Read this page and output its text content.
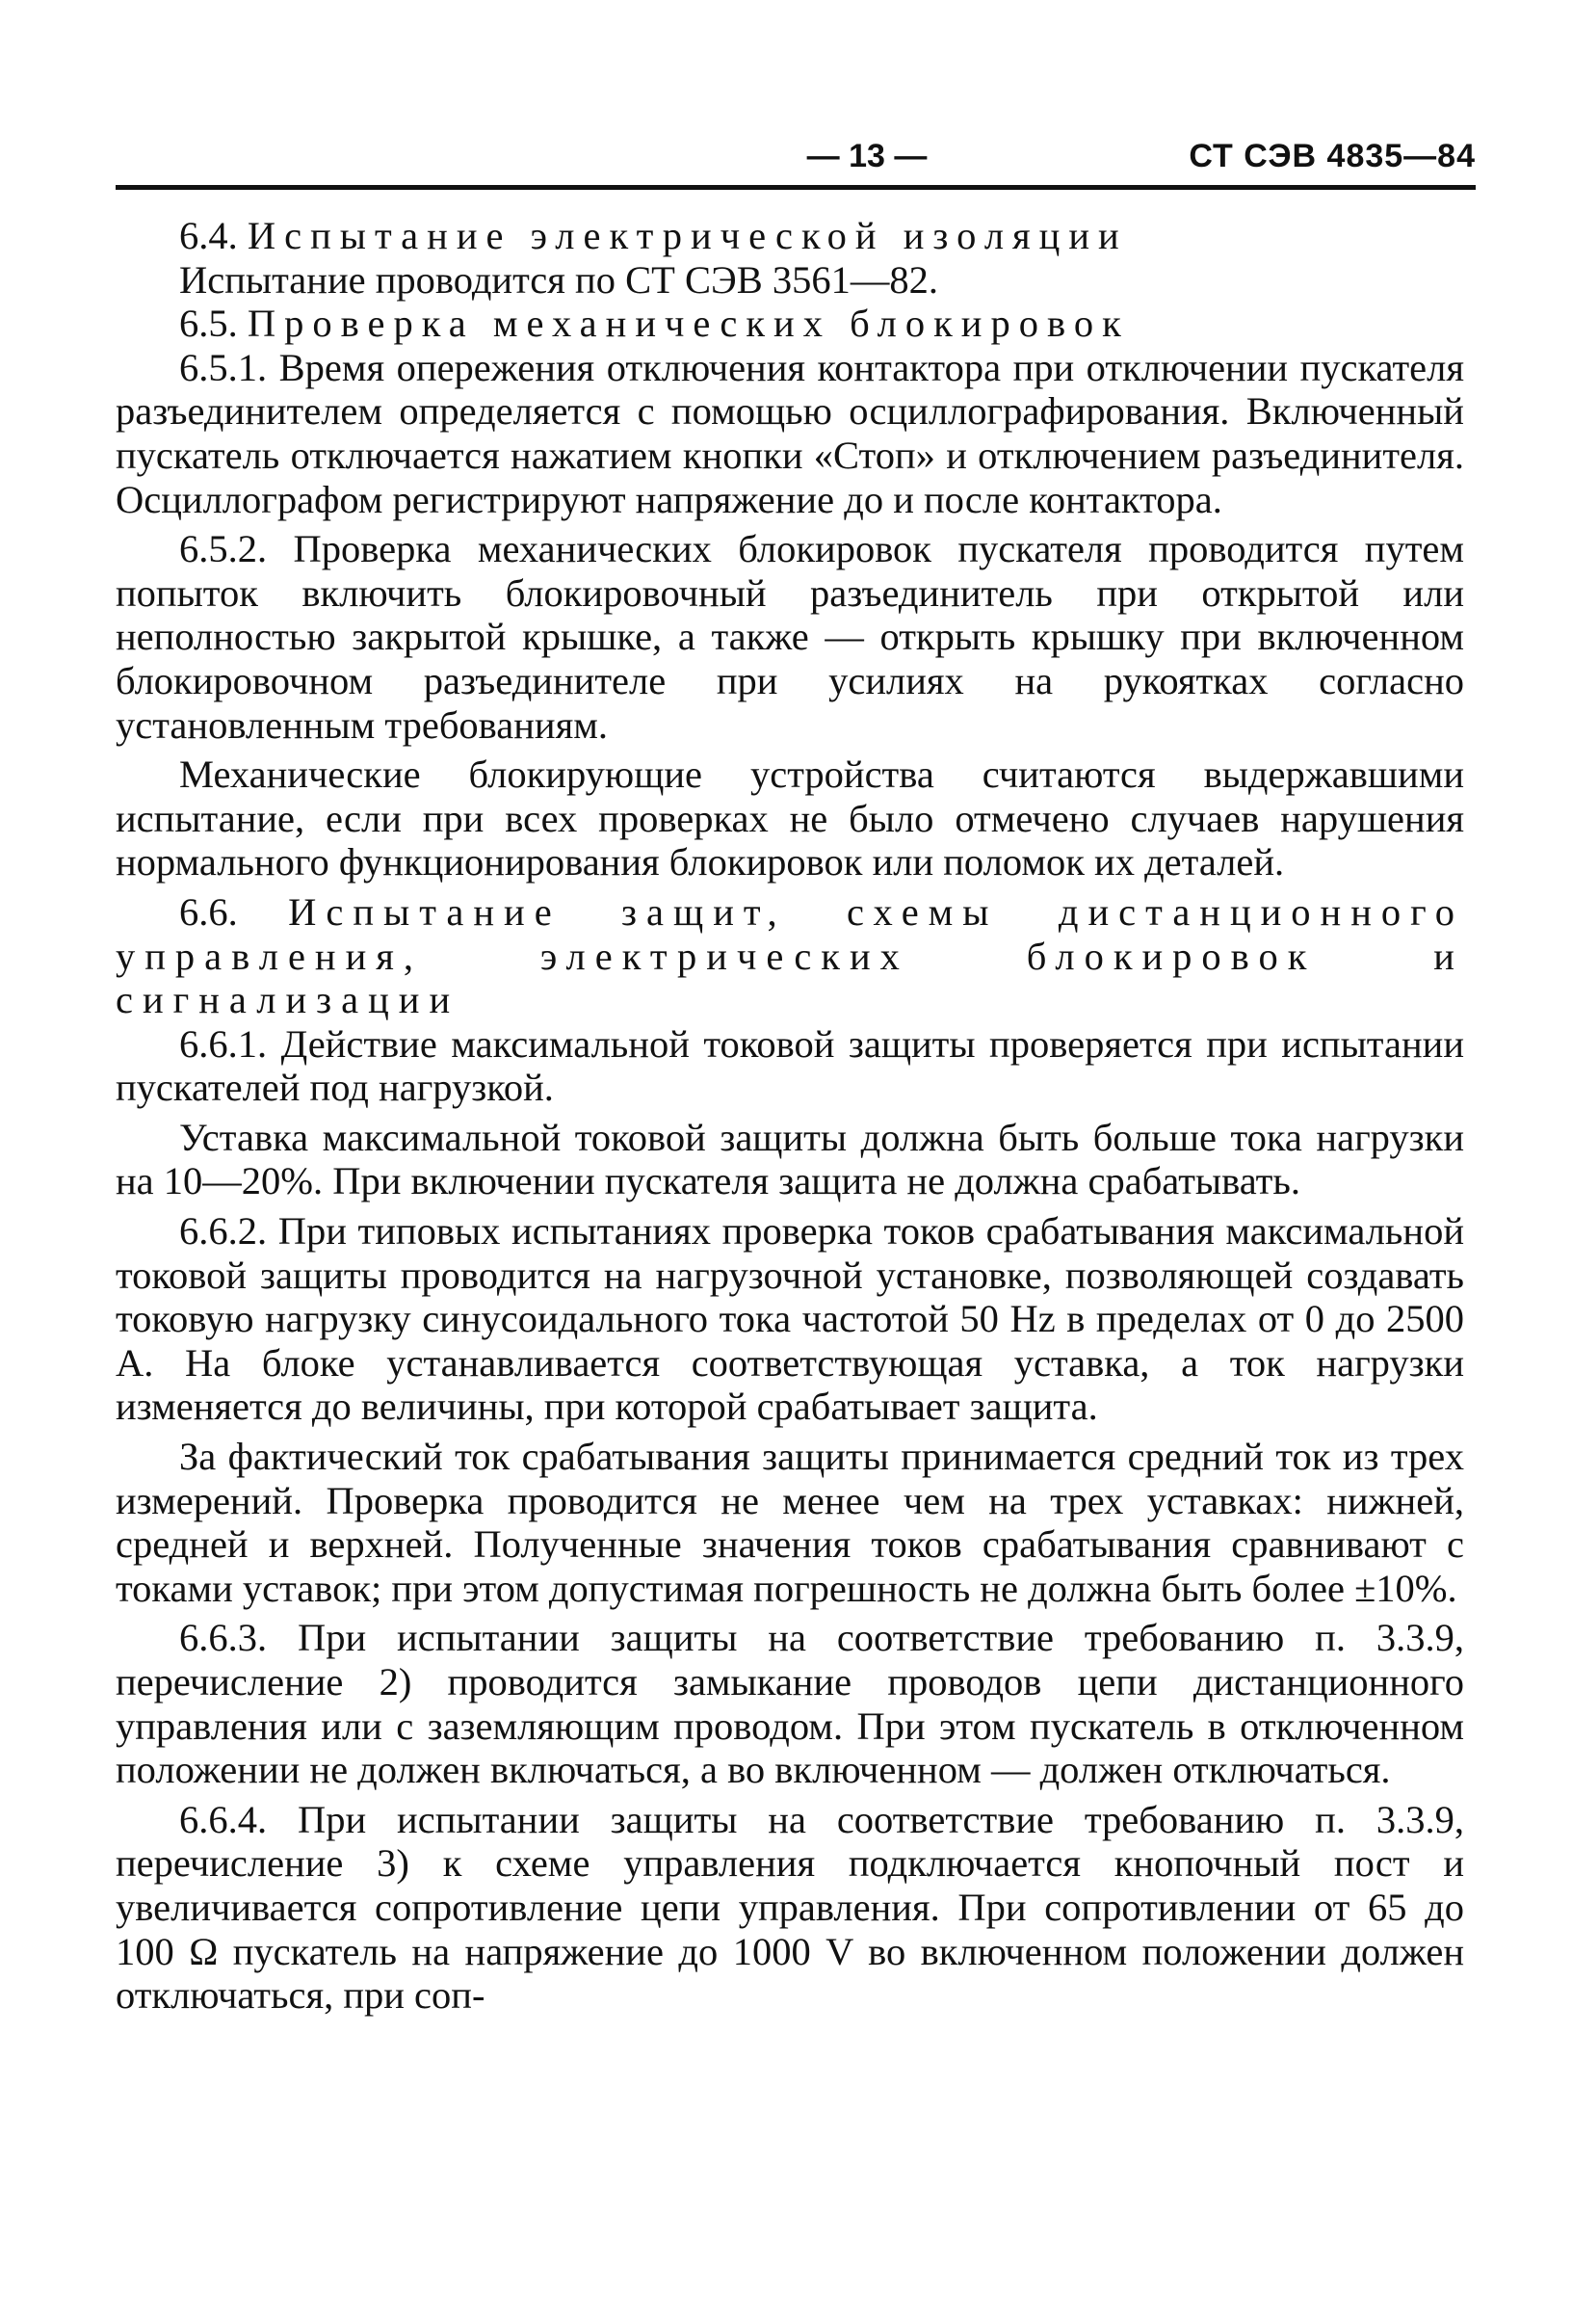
— 13 —	СТ СЭВ 4835—84

6.4. Испытание электрической изоляции

Испытание проводится по СТ СЭВ 3561—82.

6.5. Проверка механических блокировок

6.5.1. Время опережения отключения контактора при отключении пускателя разъединителем определяется с помощью осциллографирования. Включенный пускатель отключается нажатием кнопки «Стоп» и отключением разъединителя. Осциллографом регистрируют напряжение до и после контактора.

6.5.2. Проверка механических блокировок пускателя проводится путем попыток включить блокировочный разъединитель при открытой или неполностью закрытой крышке, а также — открыть крышку при включенном блокировочном разъединителе при усилиях на рукоятках согласно установленным требованиям.

Механические блокирующие устройства считаются выдержавшими испытание, если при всех проверках не было отмечено случаев нарушения нормального функционирования блокировок или поломок их деталей.

6.6. Испытание защит, схемы дистанционного управления, электрических блокировок и сигнализации

6.6.1. Действие максимальной токовой защиты проверяется при испытании пускателей под нагрузкой.

Уставка максимальной токовой защиты должна быть больше тока нагрузки на 10—20%. При включении пускателя защита не должна срабатывать.

6.6.2. При типовых испытаниях проверка токов срабатывания максимальной токовой защиты проводится на нагрузочной установке, позволяющей создавать токовую нагрузку синусоидального тока частотой 50 Hz в пределах от 0 до 2500 А. На блоке устанавливается соответствующая уставка, а ток нагрузки изменяется до величины, при которой срабатывает защита.

За фактический ток срабатывания защиты принимается средний ток из трех измерений. Проверка проводится не менее чем на трех уставках: нижней, средней и верхней. Полученные значения токов срабатывания сравнивают с токами уставок; при этом допустимая погрешность не должна быть более ±10%.

6.6.3. При испытании защиты на соответствие требованию п. 3.3.9, перечисление 2) проводится замыкание проводов цепи дистанционного управления или с заземляющим проводом. При этом пускатель в отключенном положении не должен включаться, а во включенном — должен отключаться.

6.6.4. При испытании защиты на соответствие требованию п. 3.3.9, перечисление 3) к схеме управления подключается кнопочный пост и увеличивается сопротивление цепи управления. При сопротивлении от 65 до 100 Ω пускатель на напряжение до 1000 V во включенном положении должен отключаться, при соп-
